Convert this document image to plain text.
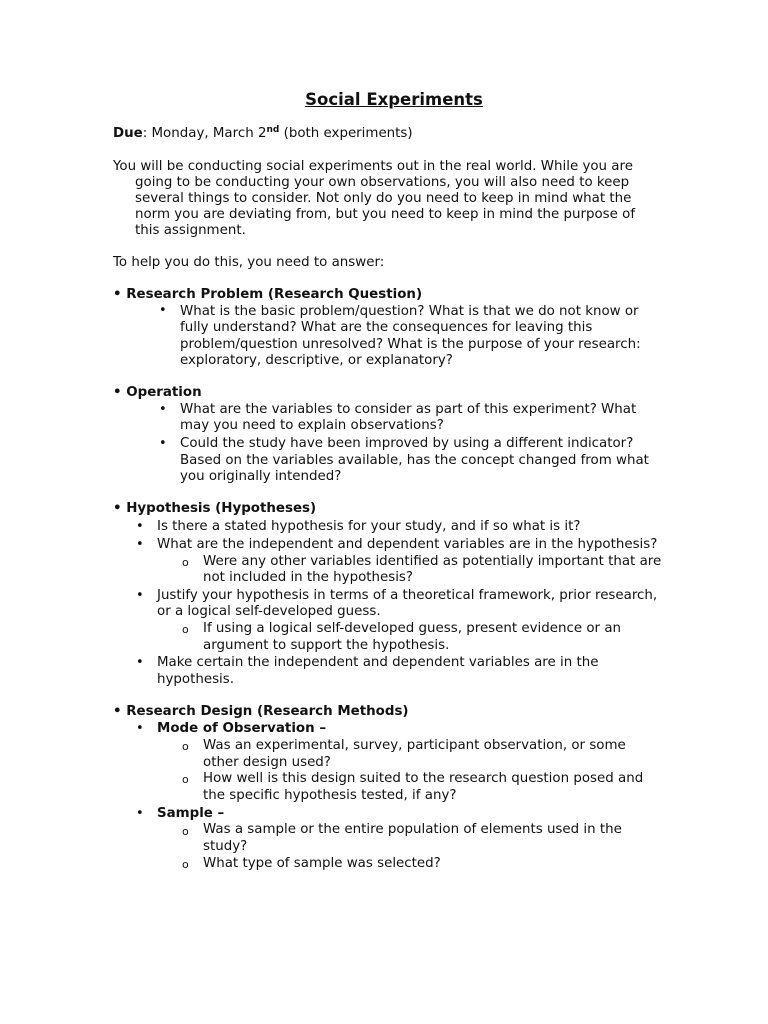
Social Experiments
Due: Monday, March 2nd (both experiments)
You will be conducting social experiments out in the real world. While you are
going to be conducting your own observations, you will also need to keep
several things to consider. Not only do you need to keep in mind what the
norm you are deviating from, but you need to keep in mind the purpose of
this assignment.
To help you do this, you need to answer:
• Research Problem (Research Question)
• What is the basic problem/question? What is that we do not know or
fully understand? What are the consequences for leaving this
problem/question unresolved? What is the purpose of your research:
exploratory, descriptive, or explanatory?
• Operation
• What are the variables to consider as part of this experiment? What
may you need to explain observations?
• Could the study have been improved by using a different indicator?
Based on the variables available, has the concept changed from what
you originally intended?
• Hypothesis (Hypotheses)
• Is there a stated hypothesis for your study, and if so what is it?
• What are the independent and dependent variables are in the hypothesis?
o Were any other variables identified as potentially important that are
not included in the hypothesis?
• Justify your hypothesis in terms of a theoretical framework, prior research,
or a logical self-developed guess.
o If using a logical self-developed guess, present evidence or an
argument to support the hypothesis.
• Make certain the independent and dependent variables are in the
hypothesis.
• Research Design (Research Methods)
• Mode of Observation –
o Was an experimental, survey, participant observation, or some
other design used?
o How well is this design suited to the research question posed and
the specific hypothesis tested, if any?
• Sample –
o Was a sample or the entire population of elements used in the
study?
o What type of sample was selected?
